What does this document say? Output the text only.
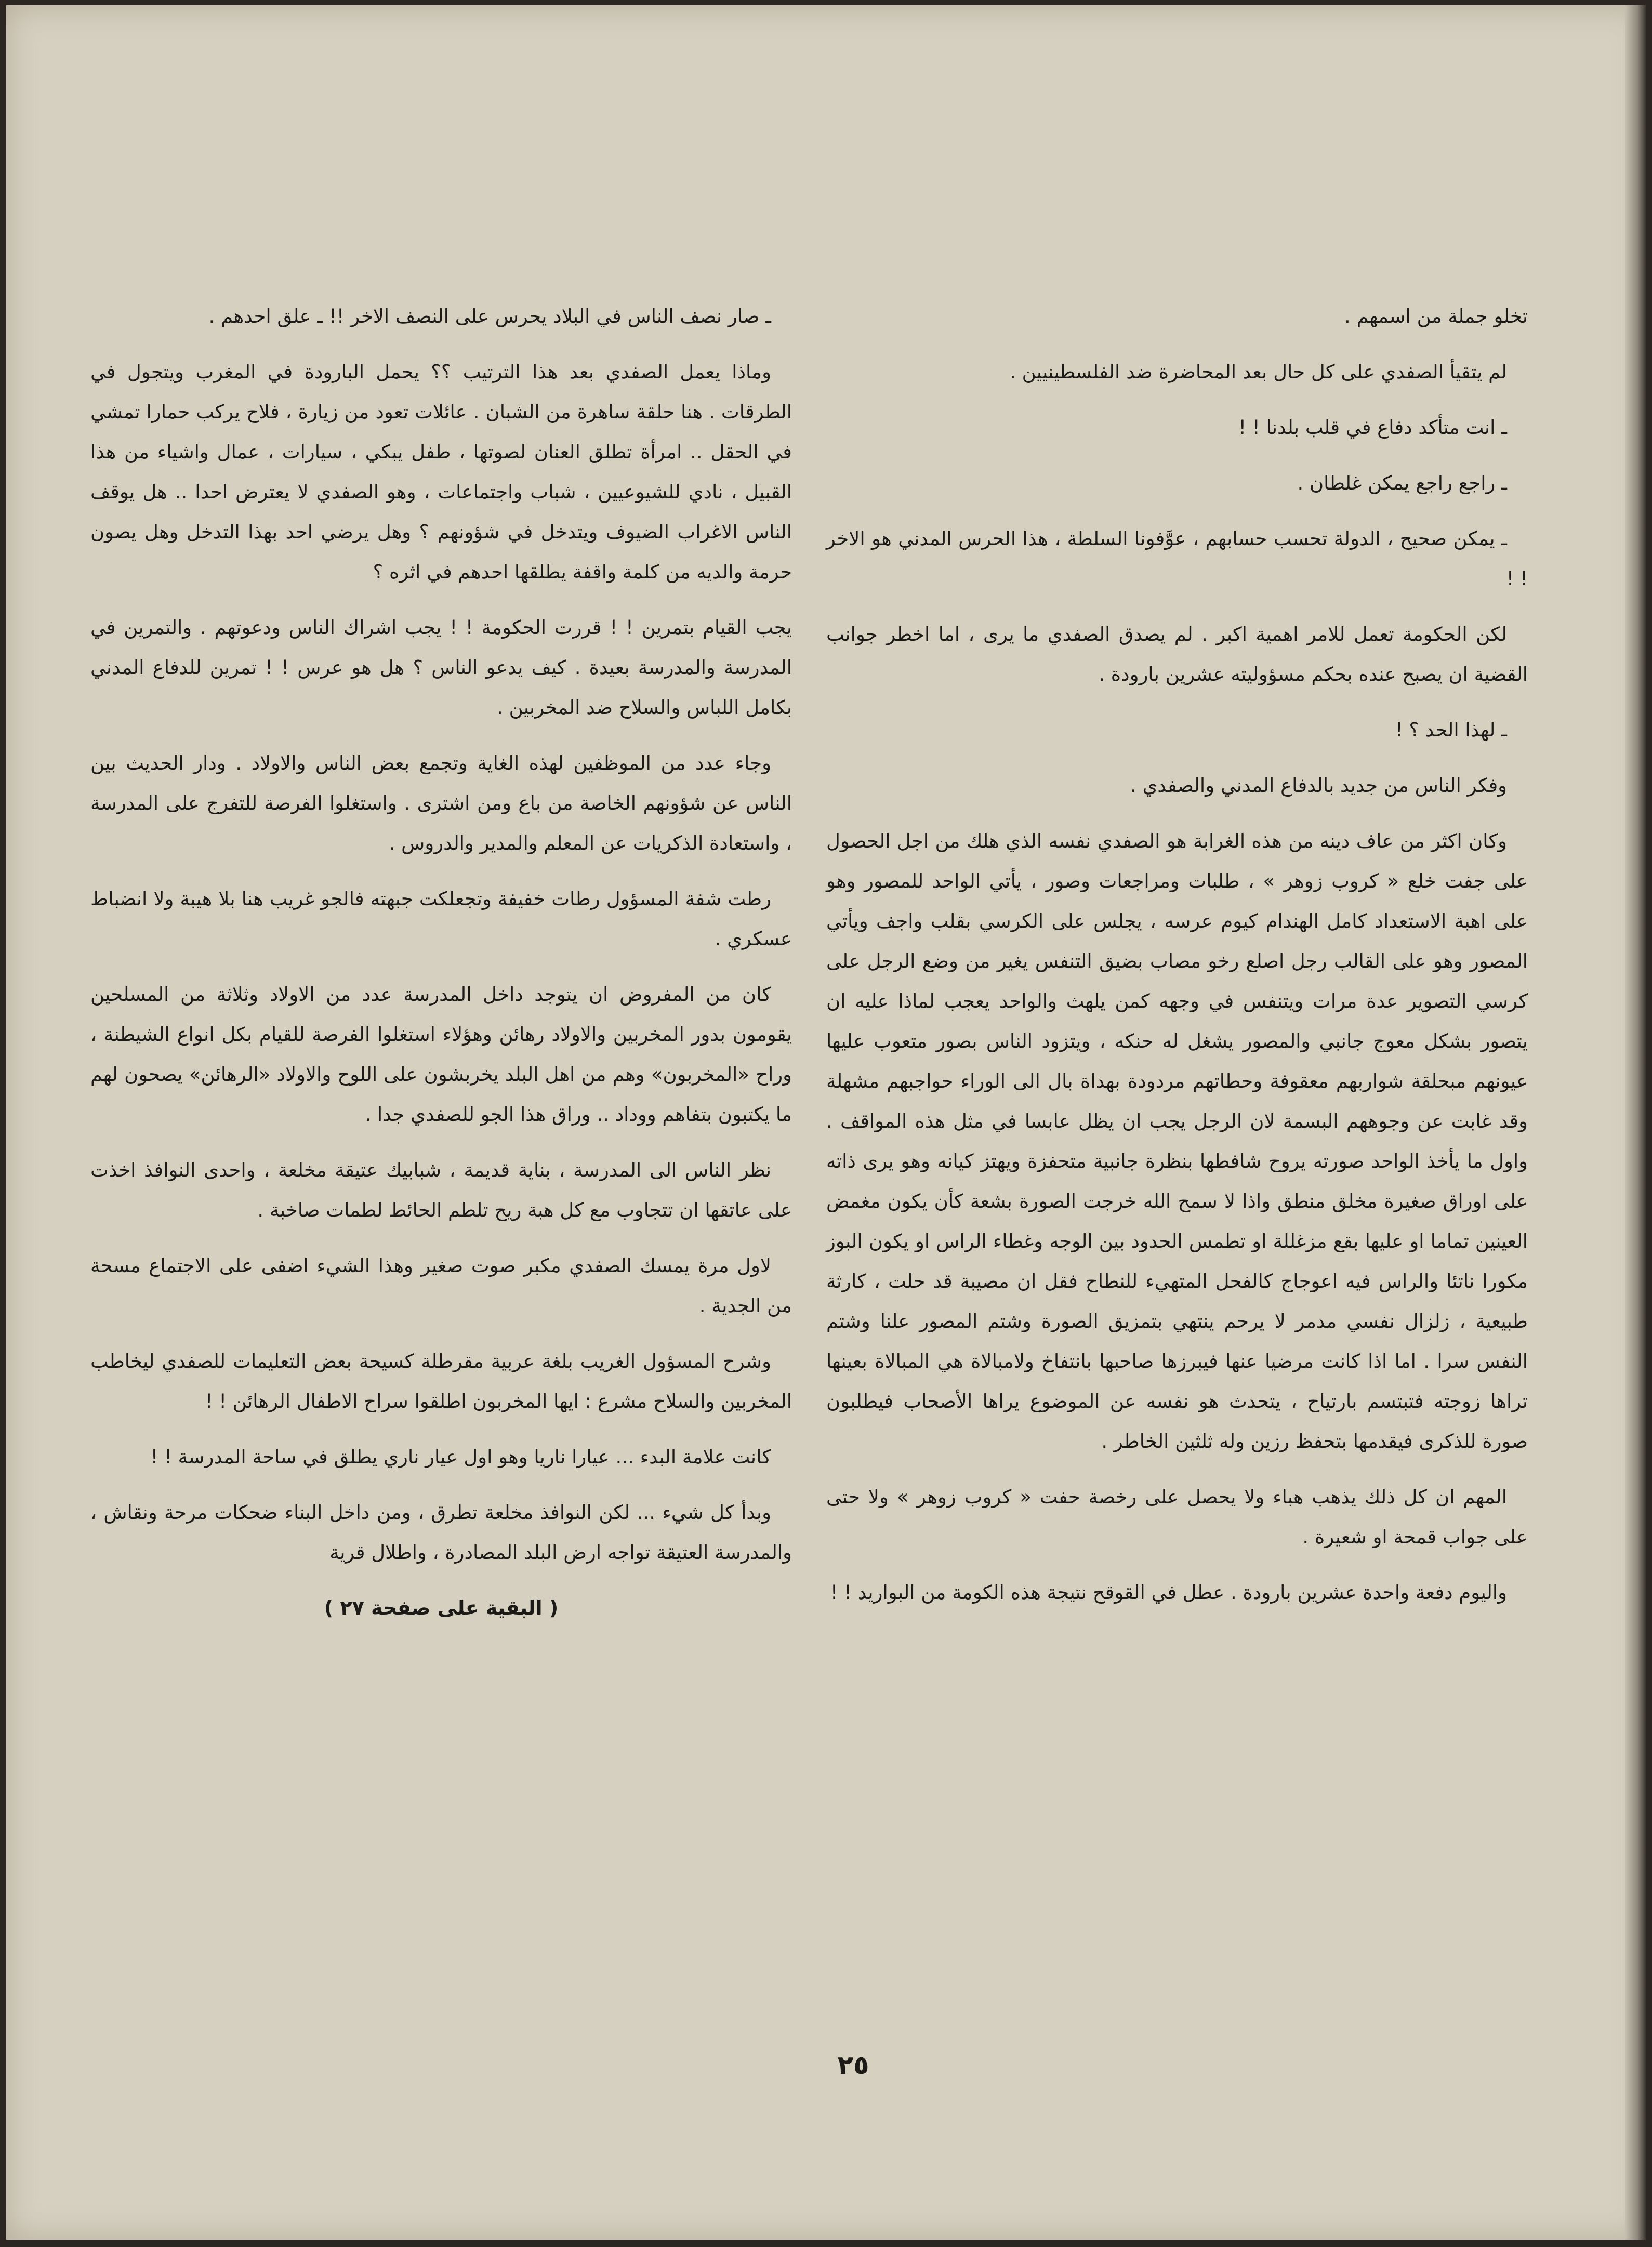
تخلو جملة من اسمهم .

لم يتقيأ الصفدي على كل حال بعد المحاضرة ضد الفلسطينيين .

ـ انت متأكد دفاع في قلب بلدنا ! !

ـ راجع راجع يمكن غلطان .

ـ يمكن صحيح ، الدولة تحسب حسابهم ، عوَّفونا السلطة ، هذا الحرس المدني هو الاخر ! !

لكن الحكومة تعمل للامر اهمية اكبر . لم يصدق الصفدي ما يرى ، اما اخطر جوانب القضية ان يصبح عنده بحكم مسؤوليته عشرين بارودة .

ـ لهذا الحد ؟ !

وفكر الناس من جديد بالدفاع المدني والصفدي .

وكان اكثر من عاف دينه من هذه الغرابة هو الصفدي نفسه الذي هلك من اجل الحصول على جفت خلع « كروب زوهر » ، طلبات ومراجعات وصور ، يأتي الواحد للمصور وهو على اهبة الاستعداد كامل الهندام كيوم عرسه ، يجلس على الكرسي بقلب واجف ويأتي المصور وهو على القالب رجل اصلع رخو مصاب بضيق التنفس يغير من وضع الرجل على كرسي التصوير عدة مرات ويتنفس في وجهه كمن يلهث والواحد يعجب لماذا عليه ان يتصور بشكل معوج جانبي والمصور يشغل له حنكه ، ويتزود الناس بصور متعوب عليها عيونهم مبحلقة شواربهم معقوفة وحطاتهم مردودة بهداة بال الى الوراء حواجبهم مشهلة وقد غابت عن وجوههم البسمة لان الرجل يجب ان يظل عابسا في مثل هذه المواقف . واول ما يأخذ الواحد صورته يروح شافطها بنظرة جانبية متحفزة ويهتز كيانه وهو يرى ذاته على اوراق صغيرة مخلق منطق واذا لا سمح الله خرجت الصورة بشعة كأن يكون مغمض العينين تماما او عليها بقع مزغللة او تطمس الحدود بين الوجه وغطاء الراس او يكون البوز مكورا ناتئا والراس فيه اعوجاج كالفحل المتهيء للنطاح فقل ان مصيبة قد حلت ، كارثة طبيعية ، زلزال نفسي مدمر لا يرحم ينتهي بتمزيق الصورة وشتم المصور علنا وشتم النفس سرا . اما اذا كانت مرضيا عنها فيبرزها صاحبها بانتفاخ ولامبالاة هي المبالاة بعينها تراها زوجته فتبتسم بارتياح ، يتحدث هو نفسه عن الموضوع يراها الأصحاب فيطلبون صورة للذكرى فيقدمها بتحفظ رزين وله ثلثين الخاطر .

المهم ان كل ذلك يذهب هباء ولا يحصل على رخصة حفت « كروب زوهر » ولا حتى على جواب قمحة او شعيرة .

واليوم دفعة واحدة عشرين بارودة . عطل في القوقح نتيجة هذه الكومة من البواريد ! !

ـ صار نصف الناس في البلاد يحرس على النصف الاخر !! ـ علق احدهم .

وماذا يعمل الصفدي بعد هذا الترتيب ؟؟ يحمل البارودة في المغرب ويتجول في الطرقات . هنا حلقة ساهرة من الشبان . عائلات تعود من زيارة ، فلاح يركب حمارا تمشي في الحقل .. امرأة تطلق العنان لصوتها ، طفل يبكي ، سيارات ، عمال واشياء من هذا القبيل ، نادي للشيوعيين ، شباب واجتماعات ، وهو الصفدي لا يعترض احدا .. هل يوقف الناس الاغراب الضيوف ويتدخل في شؤونهم ؟ وهل يرضي احد بهذا التدخل وهل يصون حرمة والديه من كلمة واقفة يطلقها احدهم في اثره ؟

يجب القيام بتمرين ! ! قررت الحكومة ! ! يجب اشراك الناس ودعوتهم . والتمرين في المدرسة والمدرسة بعيدة . كيف يدعو الناس ؟ هل هو عرس ! ! تمرين للدفاع المدني بكامل اللباس والسلاح ضد المخربين .

وجاء عدد من الموظفين لهذه الغاية وتجمع بعض الناس والاولاد . ودار الحديث بين الناس عن شؤونهم الخاصة من باع ومن اشترى . واستغلوا الفرصة للتفرج على المدرسة ، واستعادة الذكريات عن المعلم والمدير والدروس .

رطت شفة المسؤول رطات خفيفة وتجعلكت جبهته فالجو غريب هنا بلا هيبة ولا انضباط عسكري .

كان من المفروض ان يتوجد داخل المدرسة عدد من الاولاد وثلاثة من المسلحين يقومون بدور المخربين والاولاد رهائن وهؤلاء استغلوا الفرصة للقيام بكل انواع الشيطنة ، وراح «المخربون» وهم من اهل البلد يخربشون على اللوح والاولاد «الرهائن» يصحون لهم ما يكتبون بتفاهم ووداد .. وراق هذا الجو للصفدي جدا .

نظر الناس الى المدرسة ، بناية قديمة ، شبابيك عتيقة مخلعة ، واحدى النوافذ اخذت على عاتقها ان تتجاوب مع كل هبة ريح تلطم الحائط لطمات صاخبة .

لاول مرة يمسك الصفدي مكبر صوت صغير وهذا الشيء اضفى على الاجتماع مسحة من الجدية .

وشرح المسؤول الغريب بلغة عربية مقرطلة كسيحة بعض التعليمات للصفدي ليخاطب المخربين والسلاح مشرع : ايها المخربون اطلقوا سراح الاطفال الرهائن ! !

كانت علامة البدء ... عيارا ناريا وهو اول عيار ناري يطلق في ساحة المدرسة ! !

وبدأ كل شيء ... لكن النوافذ مخلعة تطرق ، ومن داخل البناء ضحكات مرحة ونقاش ، والمدرسة العتيقة تواجه ارض البلد المصادرة ، واطلال قرية

( البقية على صفحة ٢٧ )
٢٥
